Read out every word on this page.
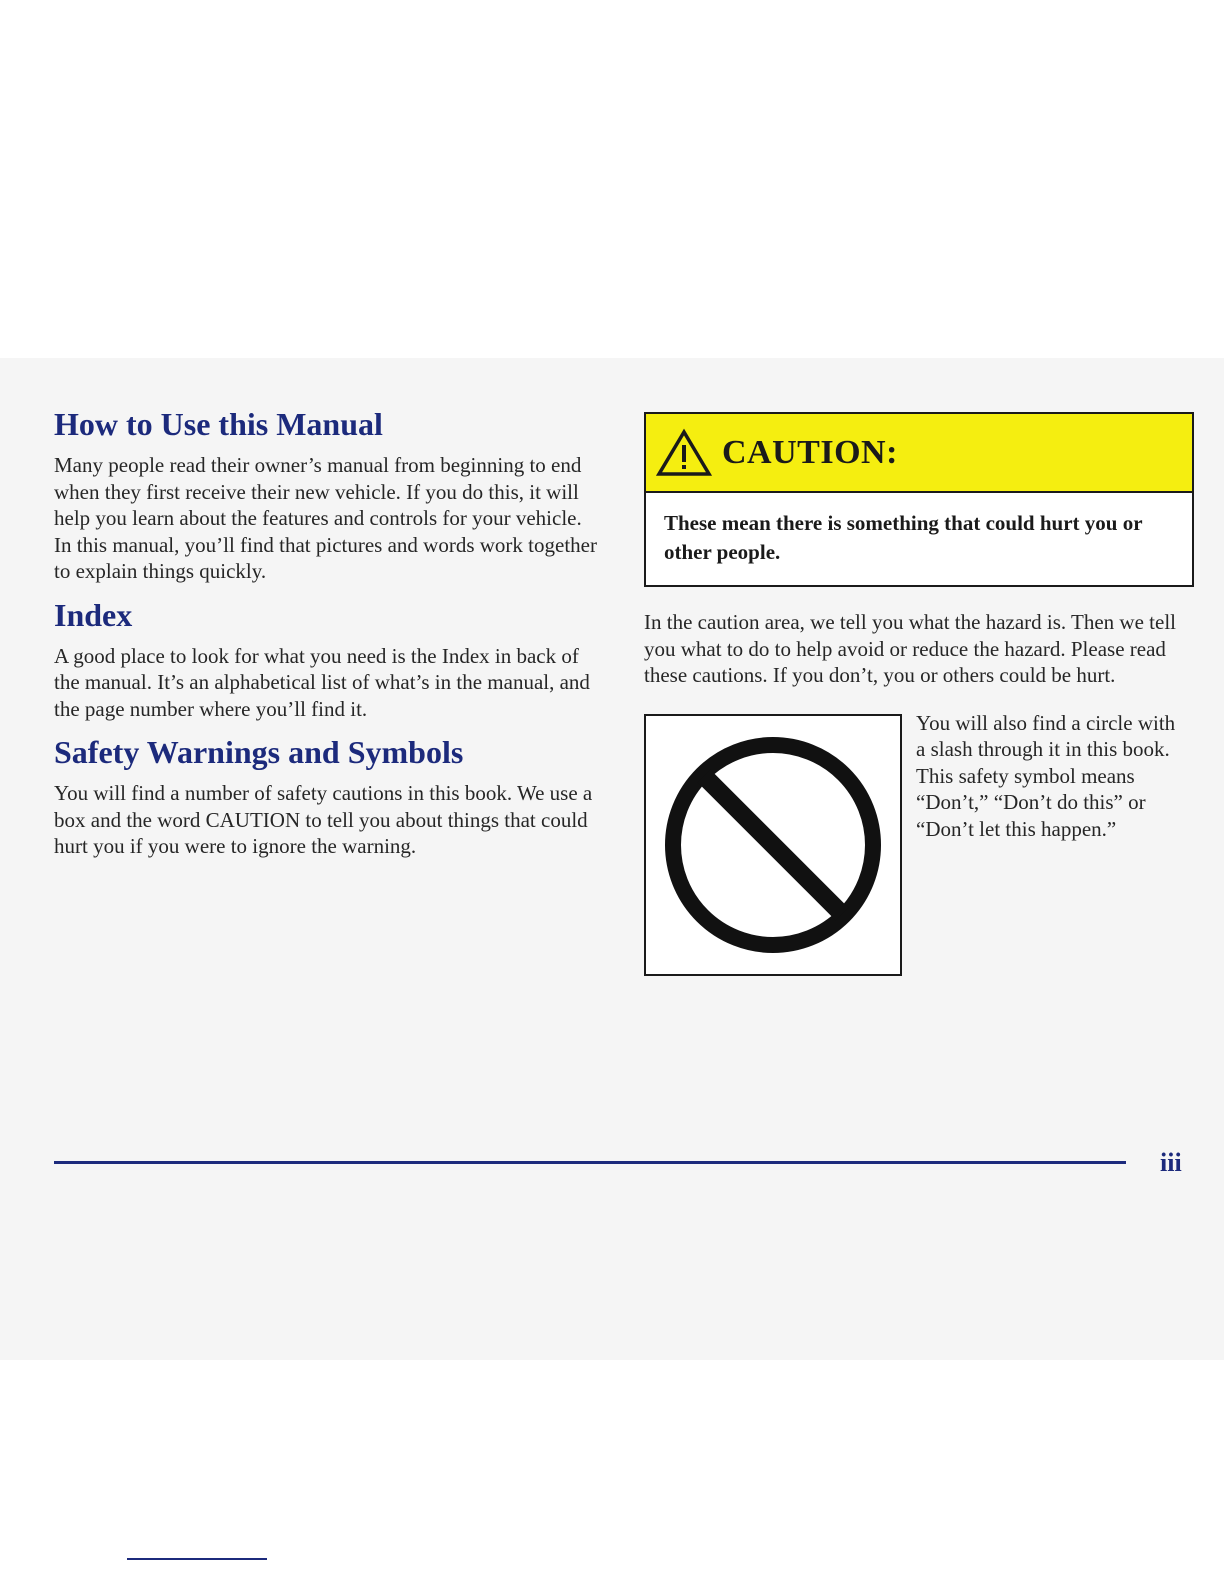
How to Use this Manual

Many people read their owner’s manual from beginning to end when they first receive their new vehicle. If you do this, it will help you learn about the features and controls for your vehicle. In this manual, you’ll find that pictures and words work together to explain things quickly.

Index

A good place to look for what you need is the Index in back of the manual. It’s an alphabetical list of what’s in the manual, and the page number where you’ll find it.

Safety Warnings and Symbols

You will find a number of safety cautions in this book. We use a box and the word CAUTION to tell you about things that could hurt you if you were to ignore the warning.

CAUTION:
These mean there is something that could hurt you or other people.

In the caution area, we tell you what the hazard is. Then we tell you what to do to help avoid or reduce the hazard. Please read these cautions. If you don’t, you or others could be hurt.

You will also find a circle with a slash through it in this book. This safety symbol means “Don’t,” “Don’t do this” or “Don’t let this happen.”
iii
